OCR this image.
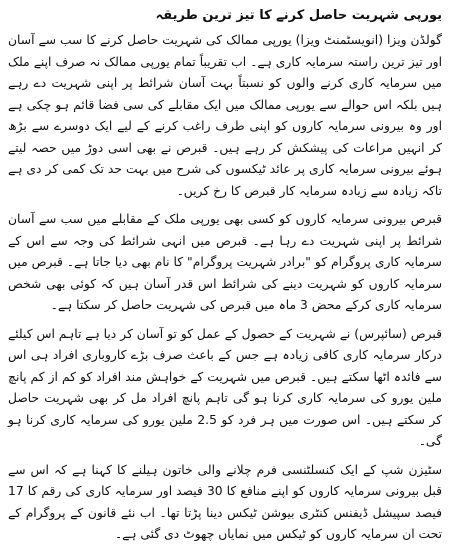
یورپی شہریت حاصل کرنے کا تیز ترین طریقہ

گولڈن ویزا (انویسٹمنٹ ویزا) یورپی ممالک کی شہریت حاصل کرنے کا سب سے آسان اور تیز ترین راستہ سرمایہ کاری ہے۔ اب تقریباً تمام یورپی ممالک نہ صرف اپنے ملک میں سرمایہ کاری کرنے والوں کو نسبتاً بہت آسان شرائط پر اپنی شہریت دے رہے ہیں بلکہ اس حوالے سے یورپی ممالک میں ایک مقابلے کی سی فضا قائم ہو چکی ہے اور وہ بیرونی سرمایہ کاروں کو اپنی طرف راغب کرنے کے لیے ایک دوسرے سے بڑھ کر انہیں مراعات کی پیشکش کر رہے ہیں۔ قبرص نے بھی اسی دوڑ میں حصہ لیتے ہوئے بیرونی سرمایہ کاری پر عائد ٹیکسوں کی شرح میں بہت حد تک کمی کر دی ہے تاکہ زیادہ سے زیادہ سرمایہ کار قبرص کا رخ کریں۔

قبرص بیرونی سرمایہ کاروں کو کسی بھی یورپی ملک کے مقابلے میں سب سے آسان شرائط پر اپنی شہریت دے رہا ہے۔ قبرص میں انہی شرائط کی وجہ سے اس کے سرمایہ کاری پروگرام کو "برادر شہریت پروگرام" کا نام بھی دیا جاتا ہے۔ قبرص میں سرمایہ کاروں کو شہریت دینے کی شرائط اس قدر آسان ہیں کہ کوئی بھی شخص سرمایہ کاری کرکے محض 3 ماہ میں قبرص کی شہریت حاصل کر سکتا ہے۔

قبرص (سائپرس) نے شہریت کے حصول کے عمل کو تو آسان کر دیا ہے تاہم اس کیلئے درکار سرمایہ کاری کافی زیادہ ہے جس کے باعث صرف بڑے کاروباری افراد ہی اس سے فائدہ اٹھا سکتے ہیں۔ قبرص میں شہریت کے خواہش مند افراد کو کم از کم پانچ ملین یورو کی سرمایہ کاری کرنا ہو گی تاہم پانچ افراد مل کر بھی شہریت حاصل کر سکتے ہیں۔ اس صورت میں ہر فرد کو 2.5 ملین یورو کی سرمایہ کاری کرنا ہو گی۔

سٹیزن شپ کے ایک کنسلٹنسی فرم چلانے والی خاتون ہیلنے کا کہنا ہے کہ اس سے قبل بیرونی سرمایہ کاروں کو اپنے منافع کا 30 فیصد اور سرمایہ کاری کی رقم کا 17 فیصد سپیشل ڈیفنس کنٹری بیوشن ٹیکس دینا پڑتا تھا۔ اب نئے قانون کے پروگرام کے تحت ان سرمایہ کاروں کو ٹیکس میں نمایاں چھوٹ دی گئی ہے۔
